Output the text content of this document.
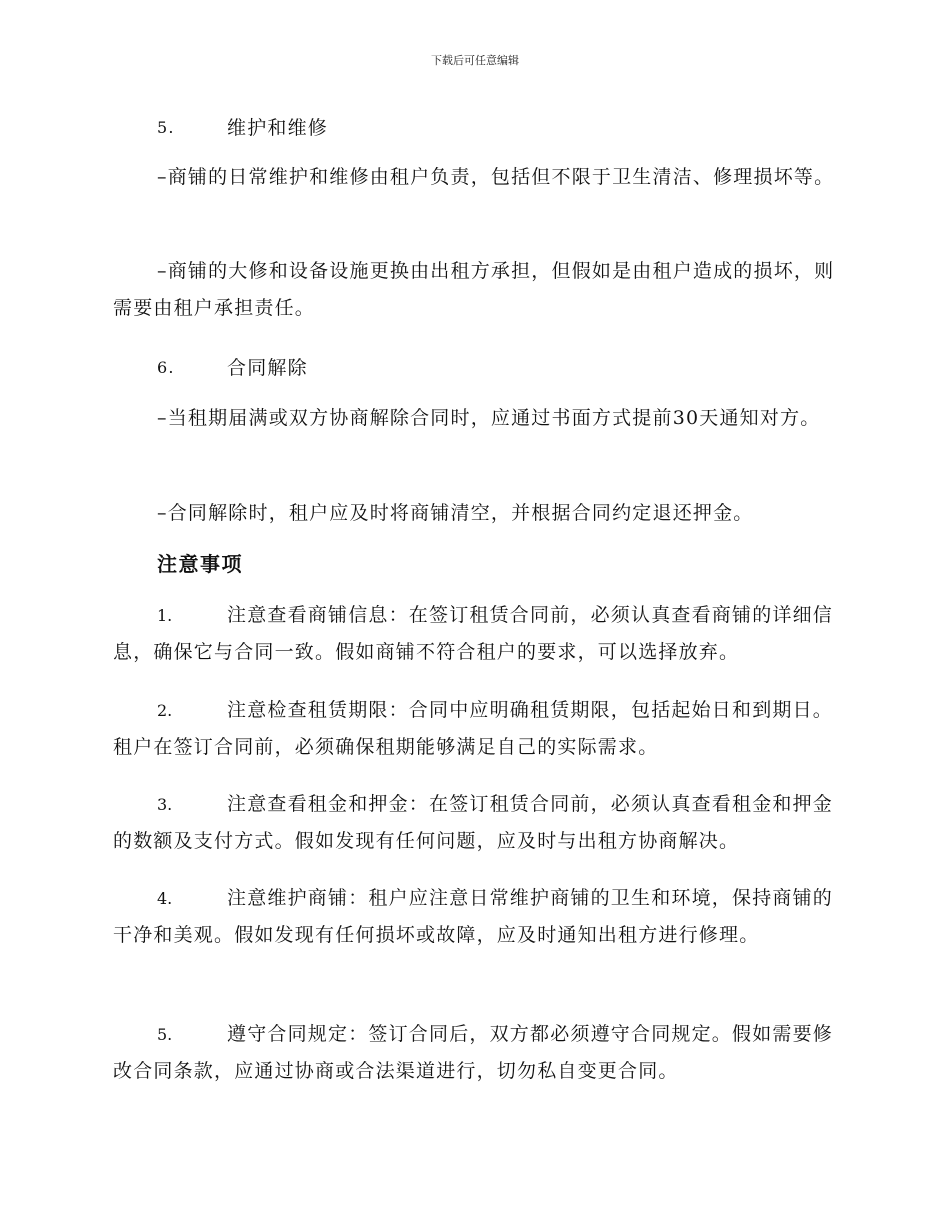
下载后可任意编辑
5.	维护和维修
–商铺的日常维护和维修由租户负责，包括但不限于卫生清洁、修理损坏等。
–商铺的大修和设备设施更换由出租方承担，但假如是由租户造成的损坏，则需要由租户承担责任。
6.	合同解除
–当租期届满或双方协商解除合同时，应通过书面方式提前30天通知对方。
–合同解除时，租户应及时将商铺清空，并根据合同约定退还押金。
注意事项
1.	注意查看商铺信息：在签订租赁合同前，必须认真查看商铺的详细信息，确保它与合同一致。假如商铺不符合租户的要求，可以选择放弃。
2.	注意检查租赁期限：合同中应明确租赁期限，包括起始日和到期日。租户在签订合同前，必须确保租期能够满足自己的实际需求。
3.	注意查看租金和押金：在签订租赁合同前，必须认真查看租金和押金的数额及支付方式。假如发现有任何问题，应及时与出租方协商解决。
4.	注意维护商铺：租户应注意日常维护商铺的卫生和环境，保持商铺的干净和美观。假如发现有任何损坏或故障，应及时通知出租方进行修理。
5.	遵守合同规定：签订合同后，双方都必须遵守合同规定。假如需要修改合同条款，应通过协商或合法渠道进行，切勿私自变更合同。
